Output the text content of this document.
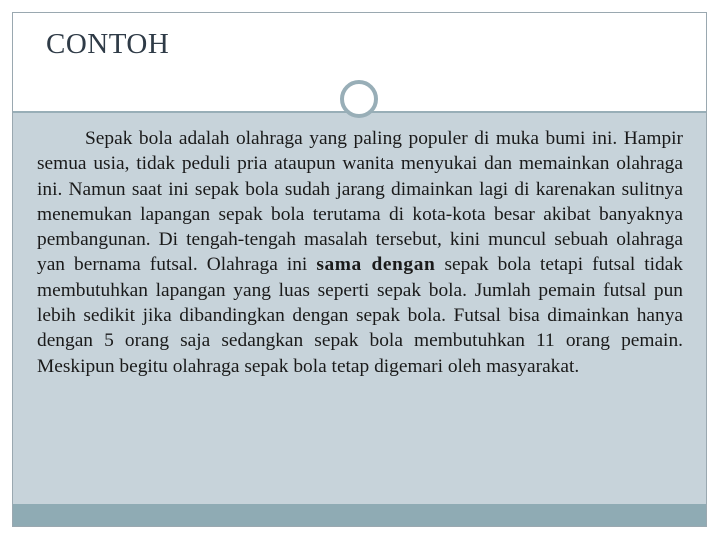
CONTOH

Sepak bola adalah olahraga yang paling populer di muka bumi ini. Hampir semua usia, tidak peduli pria ataupun wanita menyukai dan memainkan olahraga ini. Namun saat ini sepak bola sudah jarang dimainkan lagi di karenakan sulitnya menemukan lapangan sepak bola terutama di kota-kota besar akibat banyaknya pembangunan. Di tengah-tengah masalah tersebut, kini muncul sebuah olahraga yan bernama futsal. Olahraga ini sama dengan sepak bola tetapi futsal tidak membutuhkan lapangan yang luas seperti sepak bola. Jumlah pemain futsal pun lebih sedikit jika dibandingkan dengan sepak bola. Futsal bisa dimainkan hanya dengan 5 orang saja sedangkan sepak bola membutuhkan 11 orang pemain. Meskipun begitu olahraga sepak bola tetap digemari oleh masyarakat.
